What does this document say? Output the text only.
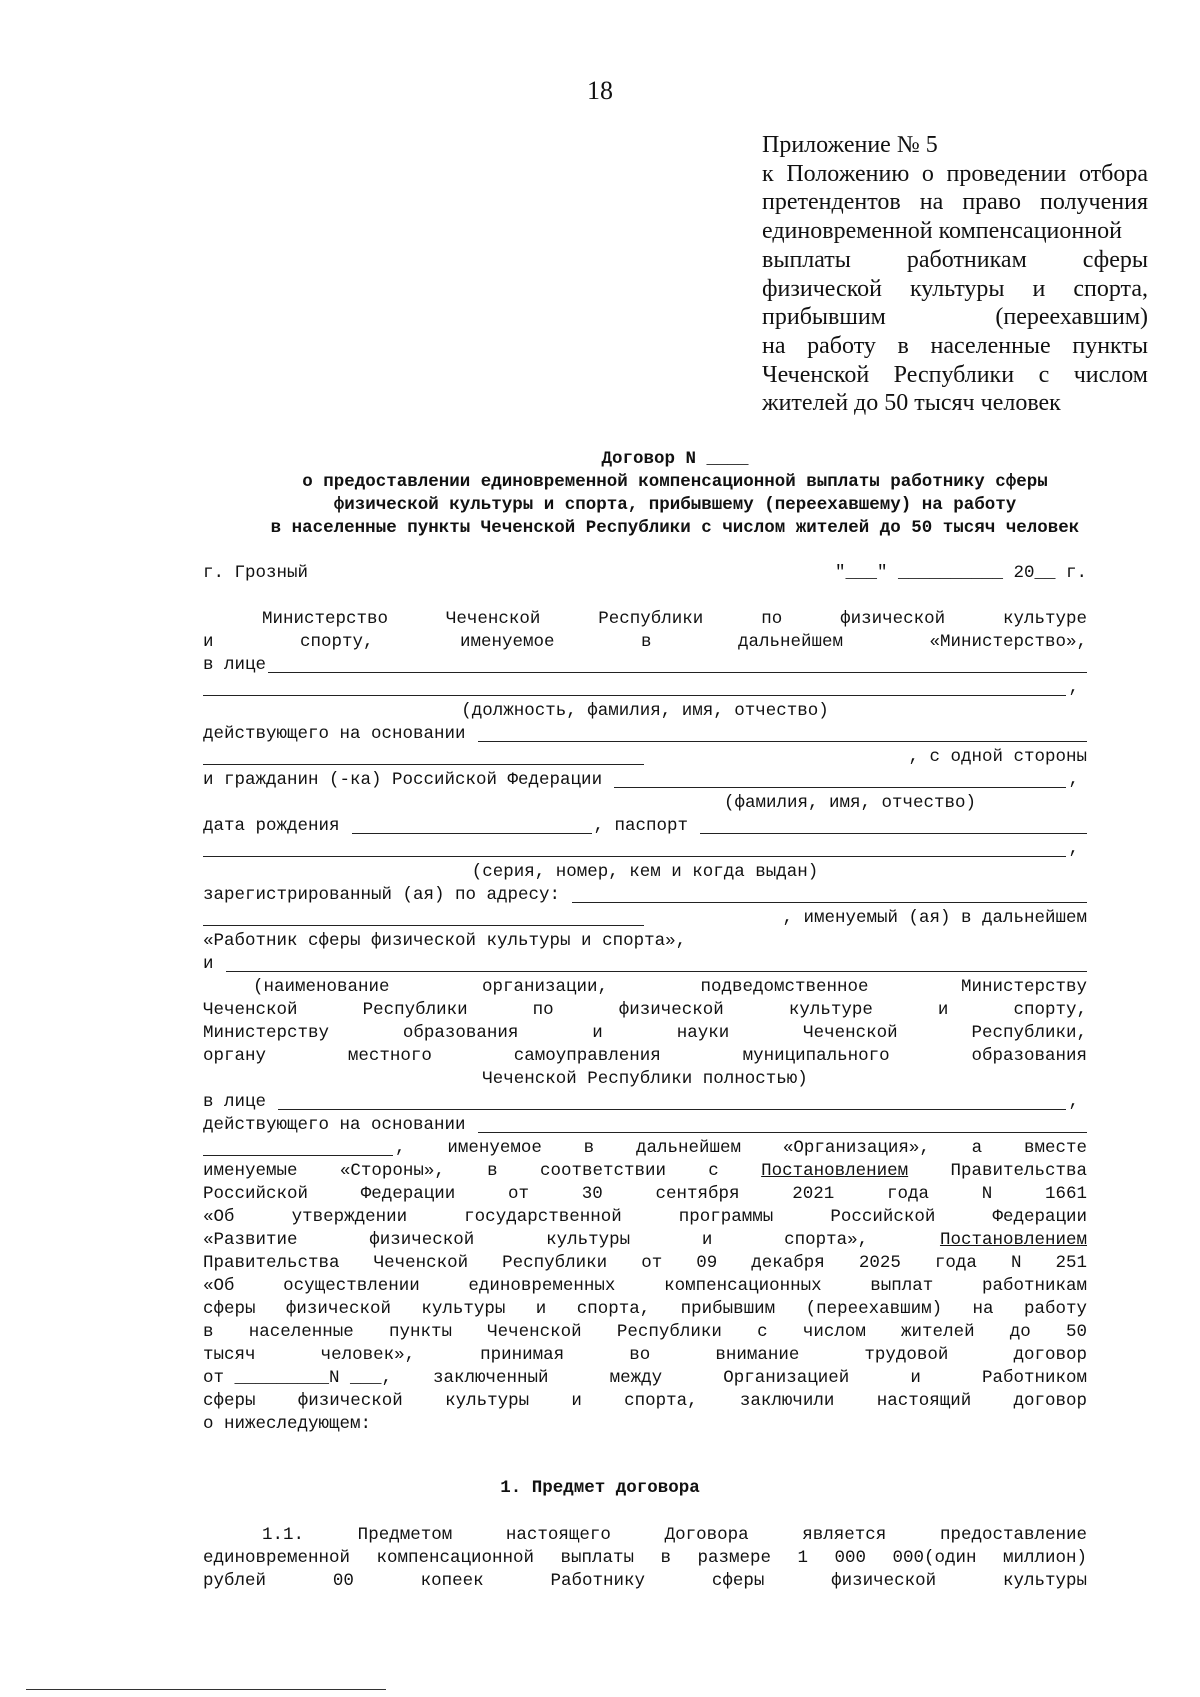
18
Приложение № 5
к Положению о проведении отбора
претендентов на право получения
единовременной компенсационной
выплаты работникам сферы
физической культуры и спорта,
прибывшим (переехавшим)
на работу в населенные пункты
Чеченской Республики с числом
жителей до 50 тысяч человек
Договор N ____
о предоставлении единовременной компенсационной выплаты работнику сферы
физической культуры и спорта, прибывшему (переехавшему) на работу
в населенные пункты Чеченской Республики с числом жителей до 50 тысяч человек
г. Грозный	"___" __________ 20__ г.
Министерство Чеченской Республики по физической культуре
и спорту, именуемое в дальнейшем «Министерство»,
в лице
,
(должность, фамилия, имя, отчество)
действующего на основании
, с одной стороны
и гражданин (-ка) Российской Федерации	,
(фамилия, имя, отчество)
дата рождения	, паспорт
,
(серия, номер, кем и когда выдан)
зарегистрированный (ая) по адресу:
, именуемый (ая) в дальнейшем
«Работник сферы физической культуры и спорта»,
и
(наименование организации, подведомственное Министерству
Чеченской Республики по физической культуре и спорту,
Министерству образования и науки Чеченской Республики,
органу местного самоуправления муниципального образования
Чеченской Республики полностью)
в лице	,
действующего на основании
, именуемое в дальнейшем «Организация», а вместе
именуемые «Стороны», в соответствии с Постановлением Правительства
Российской Федерации от 30 сентября 2021 года N 1661
«Об утверждении государственной программы Российской Федерации
«Развитие физической культуры и спорта», Постановлением
Правительства Чеченской Республики от 09 декабря 2025 года N 251
«Об осуществлении единовременных компенсационных выплат работникам
сферы физической культуры и спорта, прибывшим (переехавшим) на работу
в населенные пункты Чеченской Республики с числом жителей до 50
тысяч человек», принимая во внимание трудовой договор
от _________N ___,	заключенный между Организацией и Работником
сферы физической культуры и спорта, заключили настоящий договор
о нижеследующем:
1. Предмет договора
1.1. Предметом настоящего Договора является предоставление
единовременной компенсационной выплаты в размере 1 000 000(один миллион)
рублей 00 копеек Работнику сферы физической культуры
